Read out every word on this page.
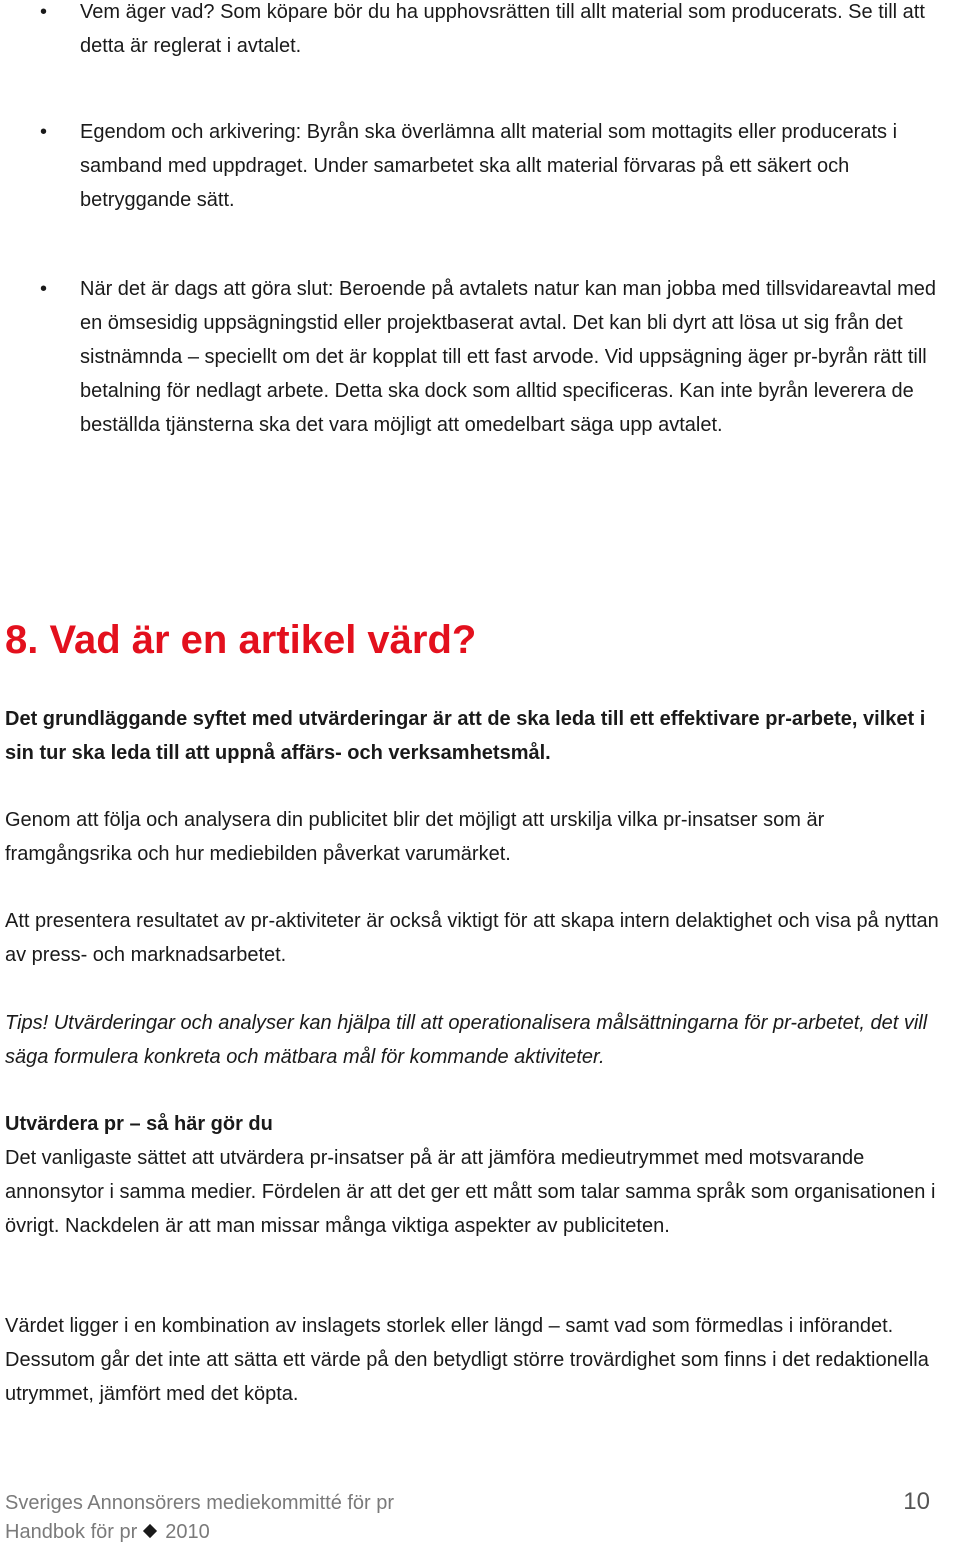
• Vem äger vad? Som köpare bör du ha upphovsrätten till allt material som producerats. Se till att detta är reglerat i avtalet.
• Egendom och arkivering: Byrån ska överlämna allt material som mottagits eller producerats i samband med uppdraget. Under samarbetet ska allt material förvaras på ett säkert och betryggande sätt.
• När det är dags att göra slut: Beroende på avtalets natur kan man jobba med tillsvidareavtal med en ömsesidig uppsägningstid eller projektbaserat avtal. Det kan bli dyrt att lösa ut sig från det sistnämnda – speciellt om det är kopplat till ett fast arvode. Vid uppsägning äger pr-byrån rätt till betalning för nedlagt arbete. Detta ska dock som alltid specificeras. Kan inte byrån leverera de beställda tjänsterna ska det vara möjligt att omedelbart säga upp avtalet.
8. Vad är en artikel värd?

Det grundläggande syftet med utvärderingar är att de ska leda till ett effektivare pr-arbete, vilket i sin tur ska leda till att uppnå affärs- och verksamhetsmål.

Genom att följa och analysera din publicitet blir det möjligt att urskilja vilka pr-insatser som är framgångsrika och hur mediebilden påverkat varumärket.

Att presentera resultatet av pr-aktiviteter är också viktigt för att skapa intern delaktighet och visa på nyttan av press- och marknadsarbetet.

Tips! Utvärderingar och analyser kan hjälpa till att operationalisera målsättningarna för pr-arbetet, det vill säga formulera konkreta och mätbara mål för kommande aktiviteter.

Utvärdera pr – så här gör du

Det vanligaste sättet att utvärdera pr-insatser på är att jämföra medieutrymmet med motsvarande annonsytor i samma medier. Fördelen är att det ger ett mått som talar samma språk som organisationen i övrigt. Nackdelen är att man missar många viktiga aspekter av publiciteten.

Värdet ligger i en kombination av inslagets storlek eller längd – samt vad som förmedlas i införandet. Dessutom går det inte att sätta ett värde på den betydligt större trovärdighet som finns i det redaktionella utrymmet, jämfört med det köpta.

Sveriges Annonsörers mediekommitté för pr
Handbok för pr 2010
10
